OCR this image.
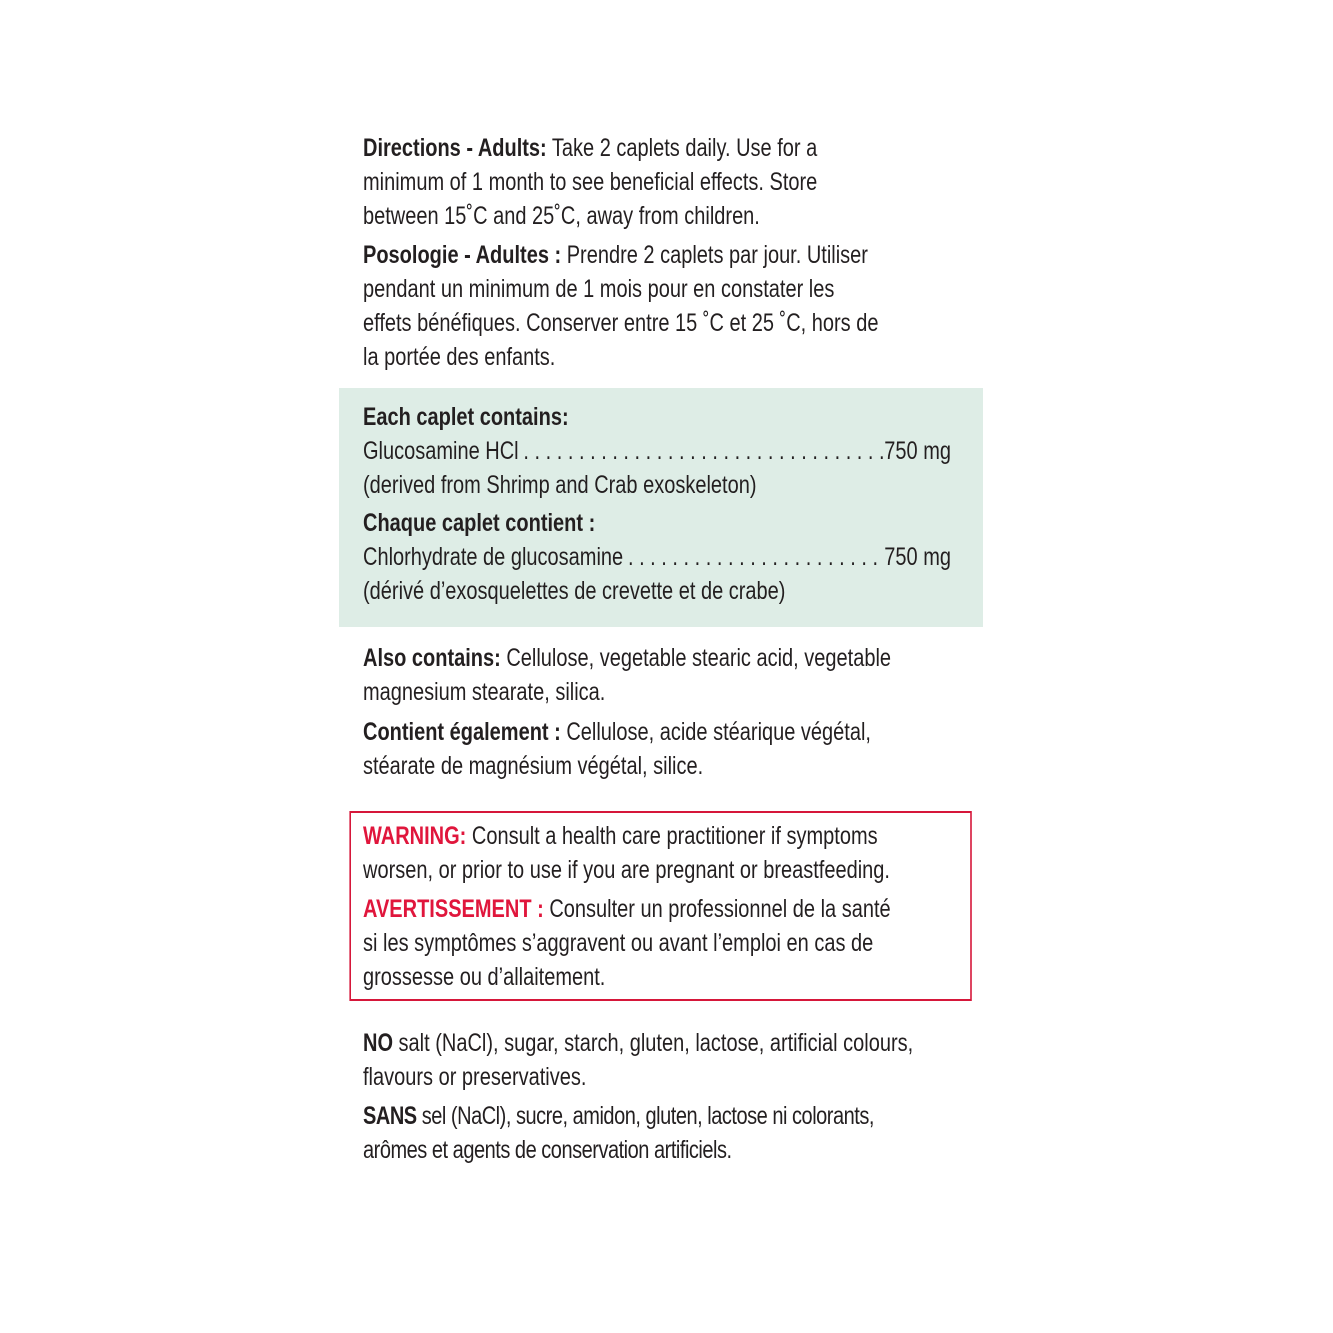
Directions - Adults: Take 2 caplets daily. Use for a
minimum of 1 month to see beneficial effects. Store
between 15˚C and 25˚C, away from children.
Posologie - Adultes : Prendre 2 caplets par jour. Utiliser
pendant un minimum de 1 mois pour en constater les
effets bénéfiques. Conserver entre 15 ˚C et 25 ˚C, hors de
la portée des enfants.
Each caplet contains:
Glucosamine HCl . . .	750 mg
(derived from Shrimp and Crab exoskeleton)
Chaque caplet contient :
Chlorhydrate de glucosamine . . .	750 mg
(dérivé d’exosquelettes de crevette et de crabe)
Also contains: Cellulose, vegetable stearic acid, vegetable
magnesium stearate, silica.
Contient également : Cellulose, acide stéarique végétal,
stéarate de magnésium végétal, silice.
WARNING: Consult a health care practitioner if symptoms
worsen, or prior to use if you are pregnant or breastfeeding.
AVERTISSEMENT : Consulter un professionnel de la santé
si les symptômes s’aggravent ou avant l’emploi en cas de
grossesse ou d’allaitement.
NO salt (NaCl), sugar, starch, gluten, lactose, artificial colours,
flavours or preservatives.
SANS sel (NaCl), sucre, amidon, gluten, lactose ni colorants,
arômes et agents de conservation artificiels.
